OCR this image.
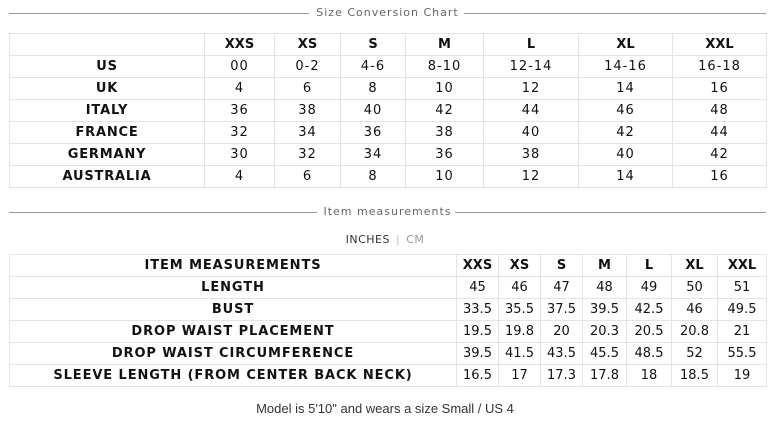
Size Conversion Chart
	XXS	XS	S	M	L	XL	XXL
US	00	0-2	4-6	8-10	12-14	14-16	16-18
UK	4	6	8	10	12	14	16
ITALY	36	38	40	42	44	46	48
FRANCE	32	34	36	38	40	42	44
GERMANY	30	32	34	36	38	40	42
AUSTRALIA	4	6	8	10	12	14	16
Item measurements
INCHES | CM
ITEM MEASUREMENTS	XXS	XS	S	M	L	XL	XXL
LENGTH	45	46	47	48	49	50	51
BUST	33.5	35.5	37.5	39.5	42.5	46	49.5
DROP WAIST PLACEMENT	19.5	19.8	20	20.3	20.5	20.8	21
DROP WAIST CIRCUMFERENCE	39.5	41.5	43.5	45.5	48.5	52	55.5
SLEEVE LENGTH (FROM CENTER BACK NECK)	16.5	17	17.3	17.8	18	18.5	19
Model is 5'10" and wears a size Small / US 4
